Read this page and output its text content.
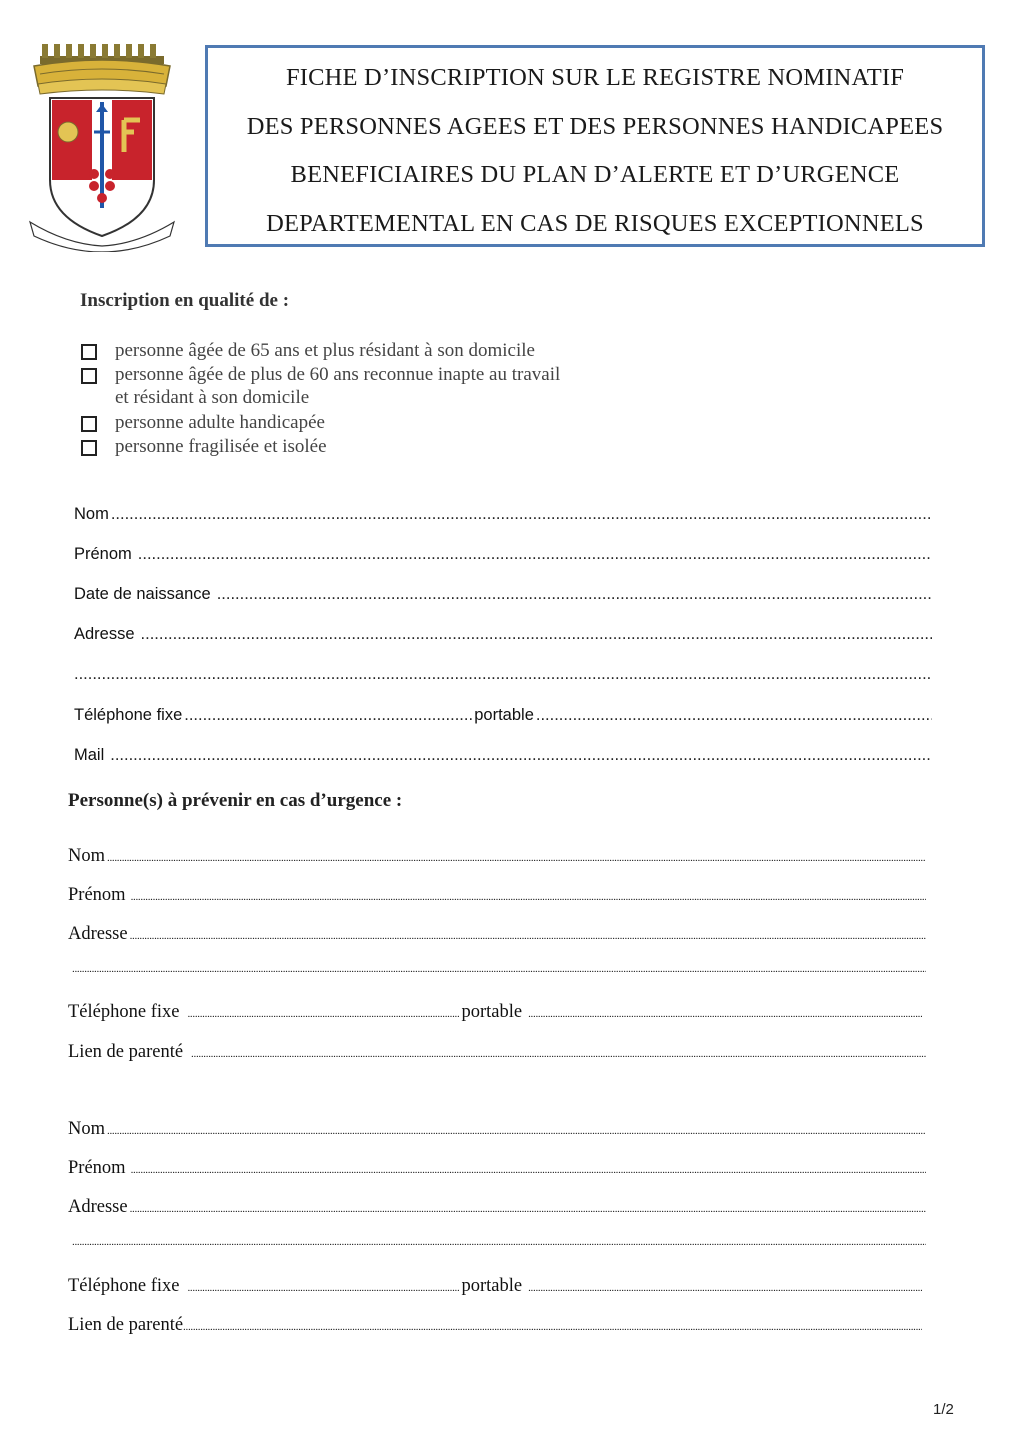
FICHE D’INSCRIPTION SUR LE REGISTRE NOMINATIF
DES PERSONNES AGEES ET DES PERSONNES HANDICAPEES
BENEFICIAIRES DU PLAN D’ALERTE ET D’URGENCE
DEPARTEMENTAL EN CAS DE RISQUES EXCEPTIONNELS
Inscription en qualité de :
personne âgée de 65 ans et plus résidant à son domicile
personne âgée de plus de 60 ans reconnue inapte au travail
et résidant à son domicile
personne adulte handicapée
personne fragilisée et isolée
Nom
.....
Prénom
.....
Date de naissance
.....
Adresse
.....
.....
Téléphone fixe .....	portable
.....
Mail
.....
Personne(s) à prévenir en cas d’urgence :
Nom
.....
Prénom
.....
Adresse
.....
.....
Téléphone fixe .....	portable
.....
Lien de parenté
.....
Nom
.....
Prénom
.....
Adresse
.....
.....
Téléphone fixe .....	portable
.....
Lien de parenté
.....
1/2
